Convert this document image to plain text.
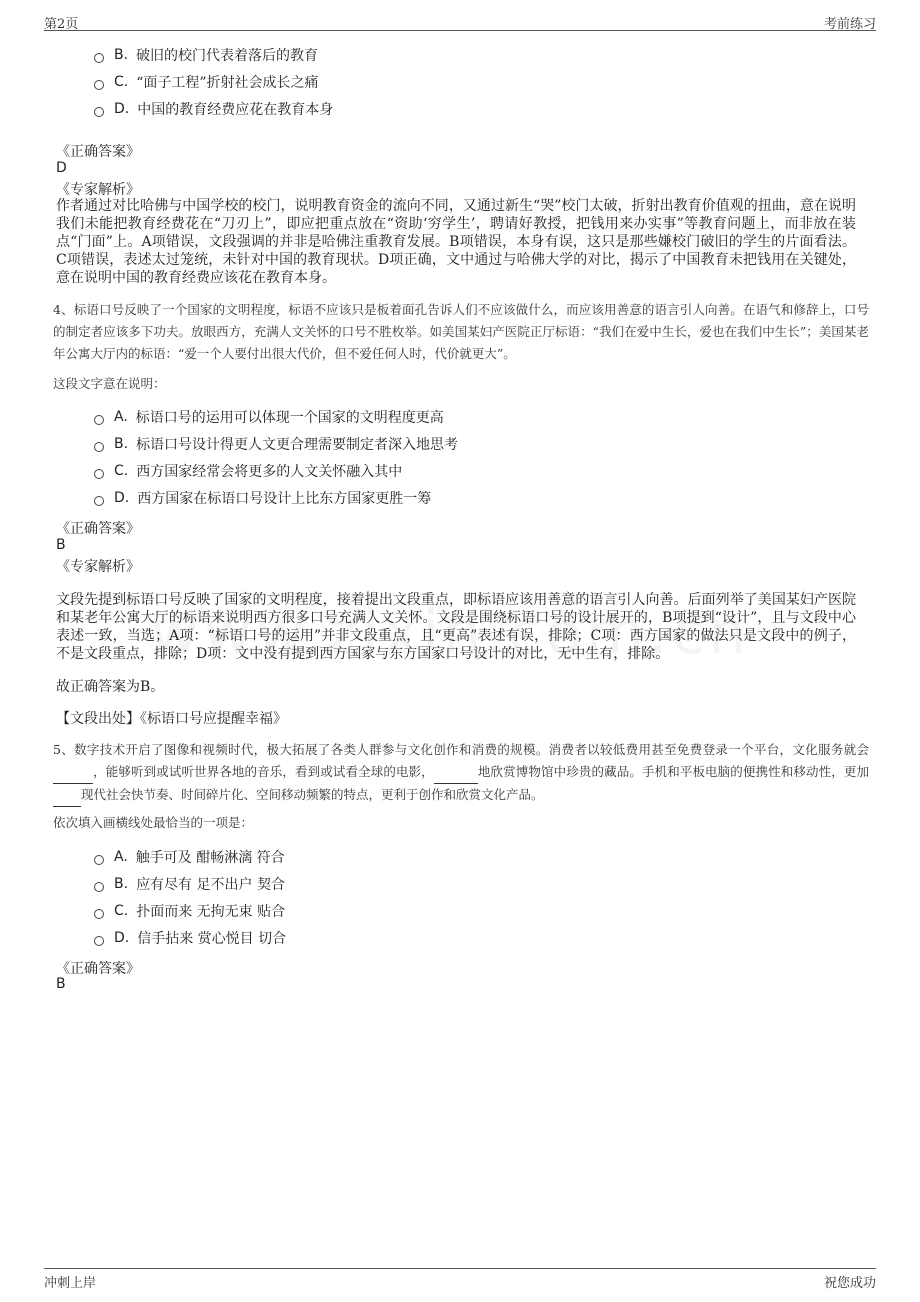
第2页	考前练习
B. 破旧的校门代表着落后的教育
C. “面子工程”折射社会成长之痛
D. 中国的教育经费应花在教育本身
《正确答案》
D
《专家解析》
作者通过对比哈佛与中国学校的校门，说明教育资金的流向不同，又通过新生“哭”校门太破，折射出教育价值观的扭曲，意在说明我们未能把教育经费花在“刀刃上”，即应把重点放在“资助‘穷学生’，聘请好教授，把钱用来办实事”等教育问题上，而非放在装点“门面”上。A项错误，文段强调的并非是哈佛注重教育发展。B项错误，本身有误，这只是那些嫌校门破旧的学生的片面看法。C项错误，表述太过笼统，未针对中国的教育现状。D项正确，文中通过与哈佛大学的对比，揭示了中国教育未把钱用在关键处，意在说明中国的教育经费应该花在教育本身。
4、标语口号反映了一个国家的文明程度，标语不应该只是板着面孔告诉人们不应该做什么，而应该用善意的语言引人向善。在语气和修辞上，口号的制定者应该多下功夫。放眼西方，充满人文关怀的口号不胜枚举。如美国某妇产医院正厅标语：“我们在爱中生长，爱也在我们中生长”；美国某老年公寓大厅内的标语：“爱一个人要付出很大代价，但不爱任何人时，代价就更大”。
这段文字意在说明：
A. 标语口号的运用可以体现一个国家的文明程度更高
B. 标语口号设计得更人文更合理需要制定者深入地思考
C. 西方国家经常会将更多的人文关怀融入其中
D. 西方国家在标语口号设计上比东方国家更胜一筹
《正确答案》
B
《专家解析》
文段先提到标语口号反映了国家的文明程度，接着提出文段重点，即标语应该用善意的语言引人向善。后面列举了美国某妇产医院和某老年公寓大厅的标语来说明西方很多口号充满人文关怀。文段是围绕标语口号的设计展开的，B项提到“设计”，且与文段中心表述一致，当选；A项：“标语口号的运用”并非文段重点，且“更高”表述有误，排除；C项：西方国家的做法只是文段中的例子，不是文段重点，排除；D项：文中没有提到西方国家与东方国家口号设计的对比，无中生有，排除。
故正确答案为B。
【文段出处】《标语口号应提醒幸福》
5、数字技术开启了图像和视频时代，极大拓展了各类人群参与文化创作和消费的规模。消费者以较低费用甚至免费登录一个平台，文化服务就会 ，能够听到或试听世界各地的音乐，看到或试看全球的电影，	地欣赏博物馆中珍贵的藏品。手机和平板电脑的便携性和移动性，更加 现代社会快节奏、时间碎片化、空间移动频繁的特点，更利于创作和欣赏文化产品。
依次填入画横线处最恰当的一项是：
A. 触手可及 酣畅淋漓 符合
B. 应有尽有 足不出户 契合
C. 扑面而来 无拘无束 贴合
D. 信手拈来 赏心悦目 切合
《正确答案》
B
冲刺上岸	祝您成功
